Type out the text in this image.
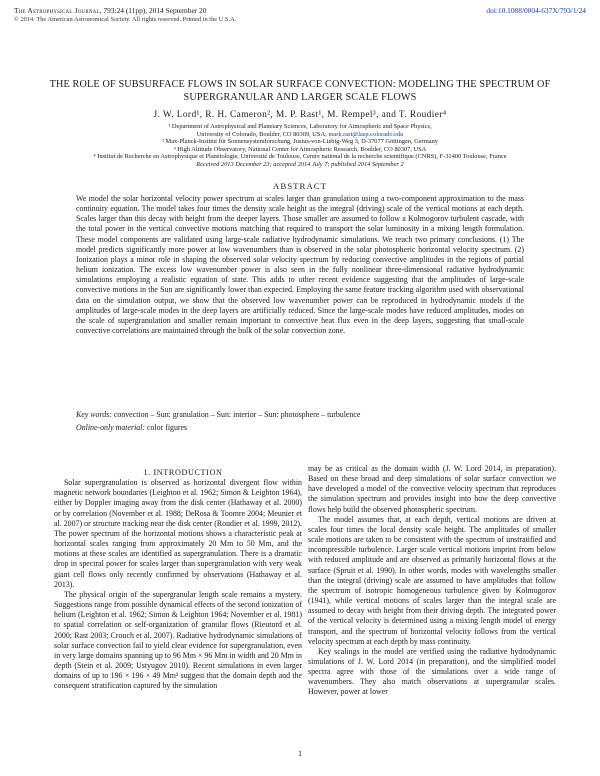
The Astrophysical Journal, 793:24 (11pp), 2014 September 20	doi:10.1088/0004-637X/793/1/24
© 2014. The American Astronomical Society. All rights reserved. Printed in the U.S.A.
THE ROLE OF SUBSURFACE FLOWS IN SOLAR SURFACE CONVECTION: MODELING THE SPECTRUM OF SUPERGRANULAR AND LARGER SCALE FLOWS
J. W. Lord¹, R. H. Cameron², M. P. Rast¹, M. Rempel³, and T. Roudier⁴
¹ Department of Astrophysical and Planetary Sciences, Laboratory for Atmospheric and Space Physics,
University of Colorado, Boulder, CO 80309, USA; mark.rast@lasp.colorado.edu
² Max-Planck-Institut für Sonnensystemforschung, Justus-von-Liebig-Weg 3, D-37077 Göttingen, Germany
³ High Altitude Observatory, National Center for Atmospheric Research, Boulder, CO 80307, USA
⁴ Institut de Recherche en Astrophysique et Planétologie, Université de Toulouse, Centre national de la recherche scientifique (CNRS), F-31400 Toulouse, France
Received 2013 December 23; accepted 2014 July 7; published 2014 September 2
ABSTRACT
We model the solar horizontal velocity power spectrum at scales larger than granulation using a two-component approximation to the mass continuity equation. The model takes four times the density scale height as the integral (driving) scale of the vertical motions at each depth. Scales larger than this decay with height from the deeper layers. Those smaller are assumed to follow a Kolmogorov turbulent cascade, with the total power in the vertical convective motions matching that required to transport the solar luminosity in a mixing length formulation. These model components are validated using large-scale radiative hydrodynamic simulations. We reach two primary conclusions. (1) The model predicts significantly more power at low wavenumbers than is observed in the solar photospheric horizontal velocity spectrum. (2) Ionization plays a minor role in shaping the observed solar velocity spectrum by reducing convective amplitudes in the regions of partial helium ionization. The excess low wavenumber power is also seen in the fully nonlinear three-dimensional radiative hydrodynamic simulations employing a realistic equation of state. This adds to other recent evidence suggesting that the amplitudes of large-scale convective motions in the Sun are significantly lower than expected. Employing the same feature tracking algorithm used with observational data on the simulation output, we show that the observed low wavenumber power can be reproduced in hydrodynamic models if the amplitudes of large-scale modes in the deep layers are artificially reduced. Since the large-scale modes have reduced amplitudes, modes on the scale of supergranulation and smaller remain important to convective heat flux even in the deep layers, suggesting that small-scale convective correlations are maintained through the bulk of the solar convection zone.
Key words: convection – Sun: granulation – Sun: interior – Sun: photosphere – turbulence
Online-only material: color figures

1. INTRODUCTION

Solar supergranulation is observed as horizontal divergent flow within magnetic network boundaries (Leighton et al. 1962; Simon & Leighton 1964), either by Doppler imaging away from the disk center (Hathaway et al. 2000) or by correlation (November et al. 1988; DeRosa & Toomre 2004; Meunier et al. 2007) or structure tracking near the disk center (Roudier et al. 1999, 2012). The power spectrum of the horizontal motions shows a characteristic peak at horizontal scales ranging from approximately 20 Mm to 50 Mm, and the motions at these scales are identified as supergranulation. There is a dramatic drop in spectral power for scales larger than supergranulation with very weak giant cell flows only recently confirmed by observations (Hathaway et al. 2013).

The physical origin of the supergranular length scale remains a mystery. Suggestions range from possible dynamical effects of the second ionization of helium (Leighton et al. 1962; Simon & Leighton 1964; November et al. 1981) to spatial correlation or self-organization of granular flows (Rieutord et al. 2000; Rast 2003; Crouch et al. 2007). Radiative hydrodynamic simulations of solar surface convection fail to yield clear evidence for supergranulation, even in very large domains spanning up to 96 Mm × 96 Mm in width and 20 Mm in depth (Stein et al. 2009; Ustyugov 2010). Recent simulations in even larger domains of up to 196 × 196 × 49 Mm³ suggest that the domain depth and the consequent stratification captured by the simulation

may be as critical as the domain width (J. W. Lord 2014, in preparation). Based on these broad and deep simulations of solar surface convection we have developed a model of the convective velocity spectrum that reproduces the simulation spectrum and provides insight into how the deep convective flows help build the observed photospheric spectrum.

The model assumes that, at each depth, vertical motions are driven at scales four times the local density scale height. The amplitudes of smaller scale motions are taken to be consistent with the spectrum of unstratified and incompressible turbulence. Larger scale vertical motions imprint from below with reduced amplitude and are observed as primarily horizontal flows at the surface (Spruit et al. 1990). In other words, modes with wavelengths smaller than the integral (driving) scale are assumed to have amplitudes that follow the spectrum of isotropic homogeneous turbulence given by Kolmogorov (1941), while vertical motions of scales larger than the integral scale are assumed to decay with height from their driving depth. The integrated power of the vertical velocity is determined using a mixing length model of energy transport, and the spectrum of horizontal velocity follows from the vertical velocity spectrum at each depth by mass continuity.

Key scalings in the model are verified using the radiative hydrodynamic simulations of J. W. Lord 2014 (in preparation), and the simplified model spectra agree with those of the simulations over a wide range of wavenumbers. They also match observations at supergranular scales. However, power at lower

1
